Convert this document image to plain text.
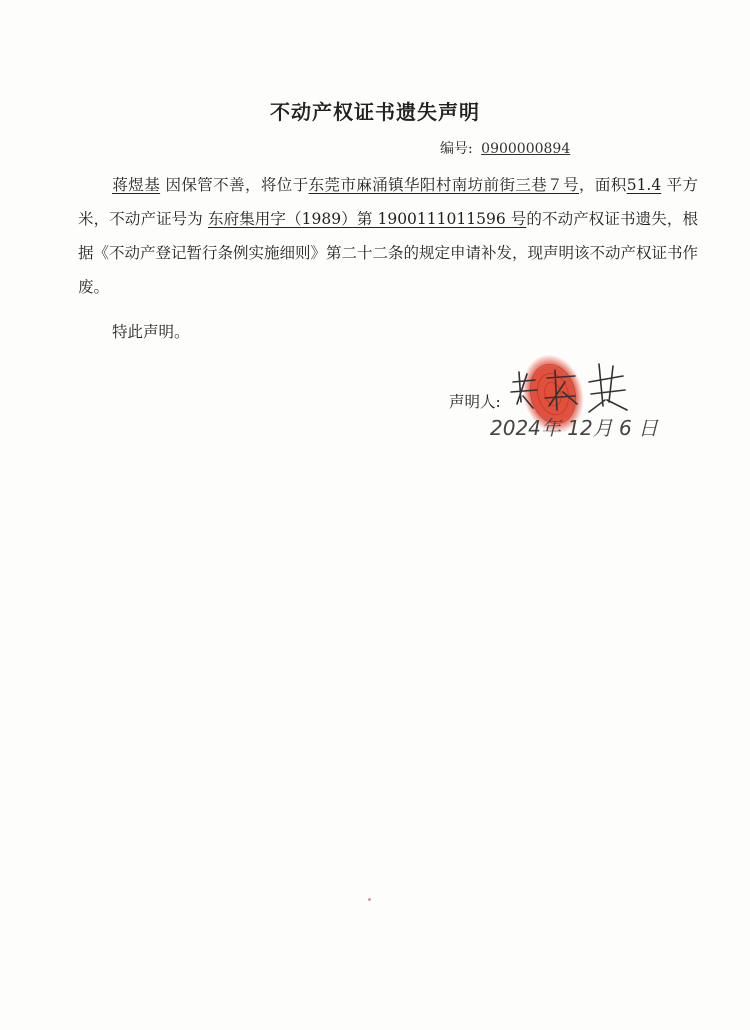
不动产权证书遗失声明
编号: 0900000894
蒋煜基 因保管不善，将位于东莞市麻涌镇华阳村南坊前街三巷７号，面积51.4 平方米，不动产证号为 东府集用字（1989）第 1900111011596 号的不动产权证书遗失，根据《不动产登记暂行条例实施细则》第二十二条的规定申请补发，现声明该不动产权证书作废。
特此声明。
声明人:
2024年 12月 6 日
